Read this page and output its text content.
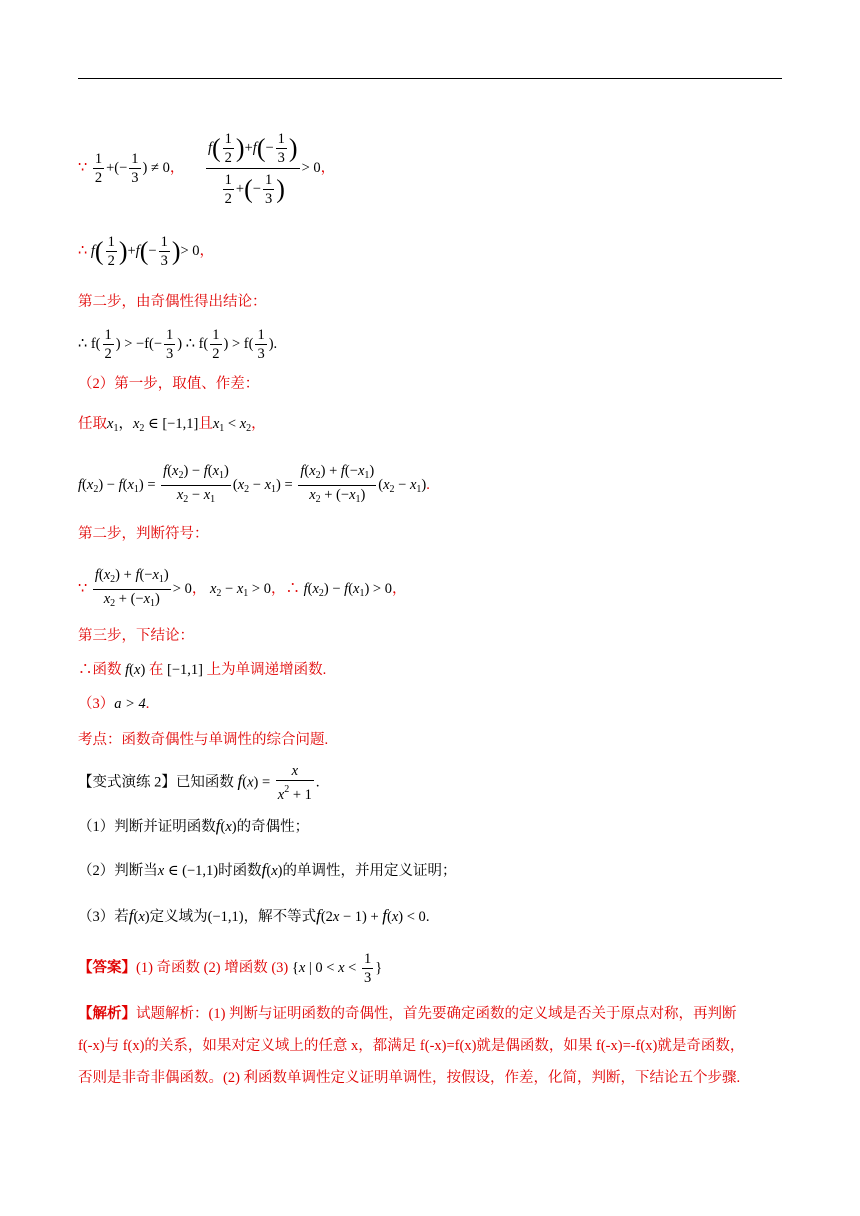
∵ $\frac{1}{2}$ +(− $\frac{1}{3}$ ) ≠ 0， $\frac{f( \frac{1}{2} )+f(- \frac{1}{3} )}{\frac{1}{2} +(- \frac{1}{3} )} > 0$，
∴ $f( \frac{1}{2} )+f(- \frac{1}{3}$ )> 0，
第二步，由奇偶性得出结论：
∴ $f( \frac{1}{2}$ ) > $-f(- \frac{1}{3}$ ) ∴ $f( \frac{1}{2}$ ) > $f( \frac{1}{3}$ ).
（2）第一步，取值、作差：
任取$x_1$，$x_2$ ∈ [−1,1]且$x_1 < x_2$，
$f(x_2) - f(x_1) = \frac{f(x_2) - f(x_1)}{x_2 - x_1} (x_2 - x_1) = \frac{f(x_2) + f(-x_1)}{x_2 + (-x_1)} (x_2 - x_1)$.
第二步，判断符号：
∵ $\frac{f(x_2) + f(-x_1)}{x_2 + (-x_1)} > 0$， $x_2 - x_1 > 0$，∴ $f(x_2) - f(x_1) > 0$，
第三步，下结论：
∴函数 f(x) 在 [−1,1] 上为单调递增函数.
（3）a > 4.
考点：函数奇偶性与单调性的综合问题.
【变式演练 2】已知函数 $f(x) = \frac{x}{x^2 + 1}$ .
（1）判断并证明函数f(x)的奇偶性；
（2）判断当x ∈ (−1,1)时函数f(x)的单调性，并用定义证明；
（3）若f(x)定义域为(−1,1)，解不等式f(2x − 1) + f(x) < 0.
【答案】(1) 奇函数 (2) 增函数 (3) {x | $0 < x < \frac{1}{3}$ }
【解析】试题解析：(1) 判断与证明函数的奇偶性，首先要确定函数的定义域是否关于原点对称，再判断
f(-x)与 f(x)的关系，如果对定义域上的任意 x，都满足 f(-x)=f(x)就是偶函数，如果 f(-x)=-f(x)就是奇函数，
否则是非奇非偶函数。(2) 利函数单调性定义证明单调性，按假设，作差，化简，判断，下结论五个步骤.
